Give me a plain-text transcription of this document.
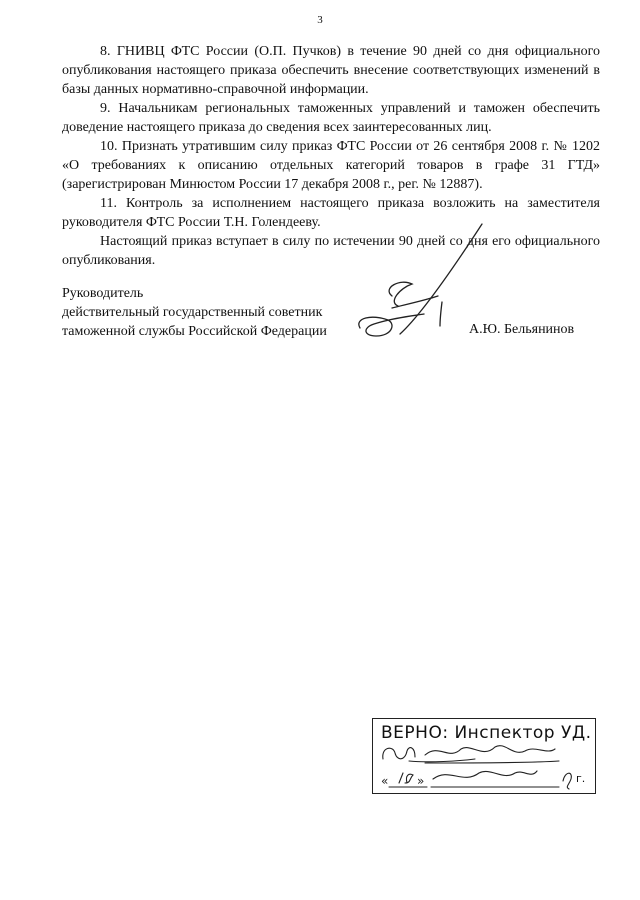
3

8. ГНИВЦ ФТС России (О.П. Пучков) в течение 90 дней со дня официального опубликования настоящего приказа обеспечить внесение соответствующих изменений в базы данных нормативно-справочной информации.

9. Начальникам региональных таможенных управлений и таможен обеспечить доведение настоящего приказа до сведения всех заинтересованных лиц.

10. Признать утратившим силу приказ ФТС России от 26 сентября 2008 г. № 1202 «О требованиях к описанию отдельных категорий товаров в графе 31 ГТД» (зарегистрирован Минюстом России 17 декабря 2008 г., рег. № 12887).

11. Контроль за исполнением настоящего приказа возложить на заместителя руководителя ФТС России Т.Н. Голендееву.

Настоящий приказ вступает в силу по истечении 90 дней со дня его официального опубликования.

Руководитель
действительный государственный советник
таможенной службы Российской Федерации	А.Ю. Бельянинов
ВЕРНО: Инспектор УД.
« »	г.
